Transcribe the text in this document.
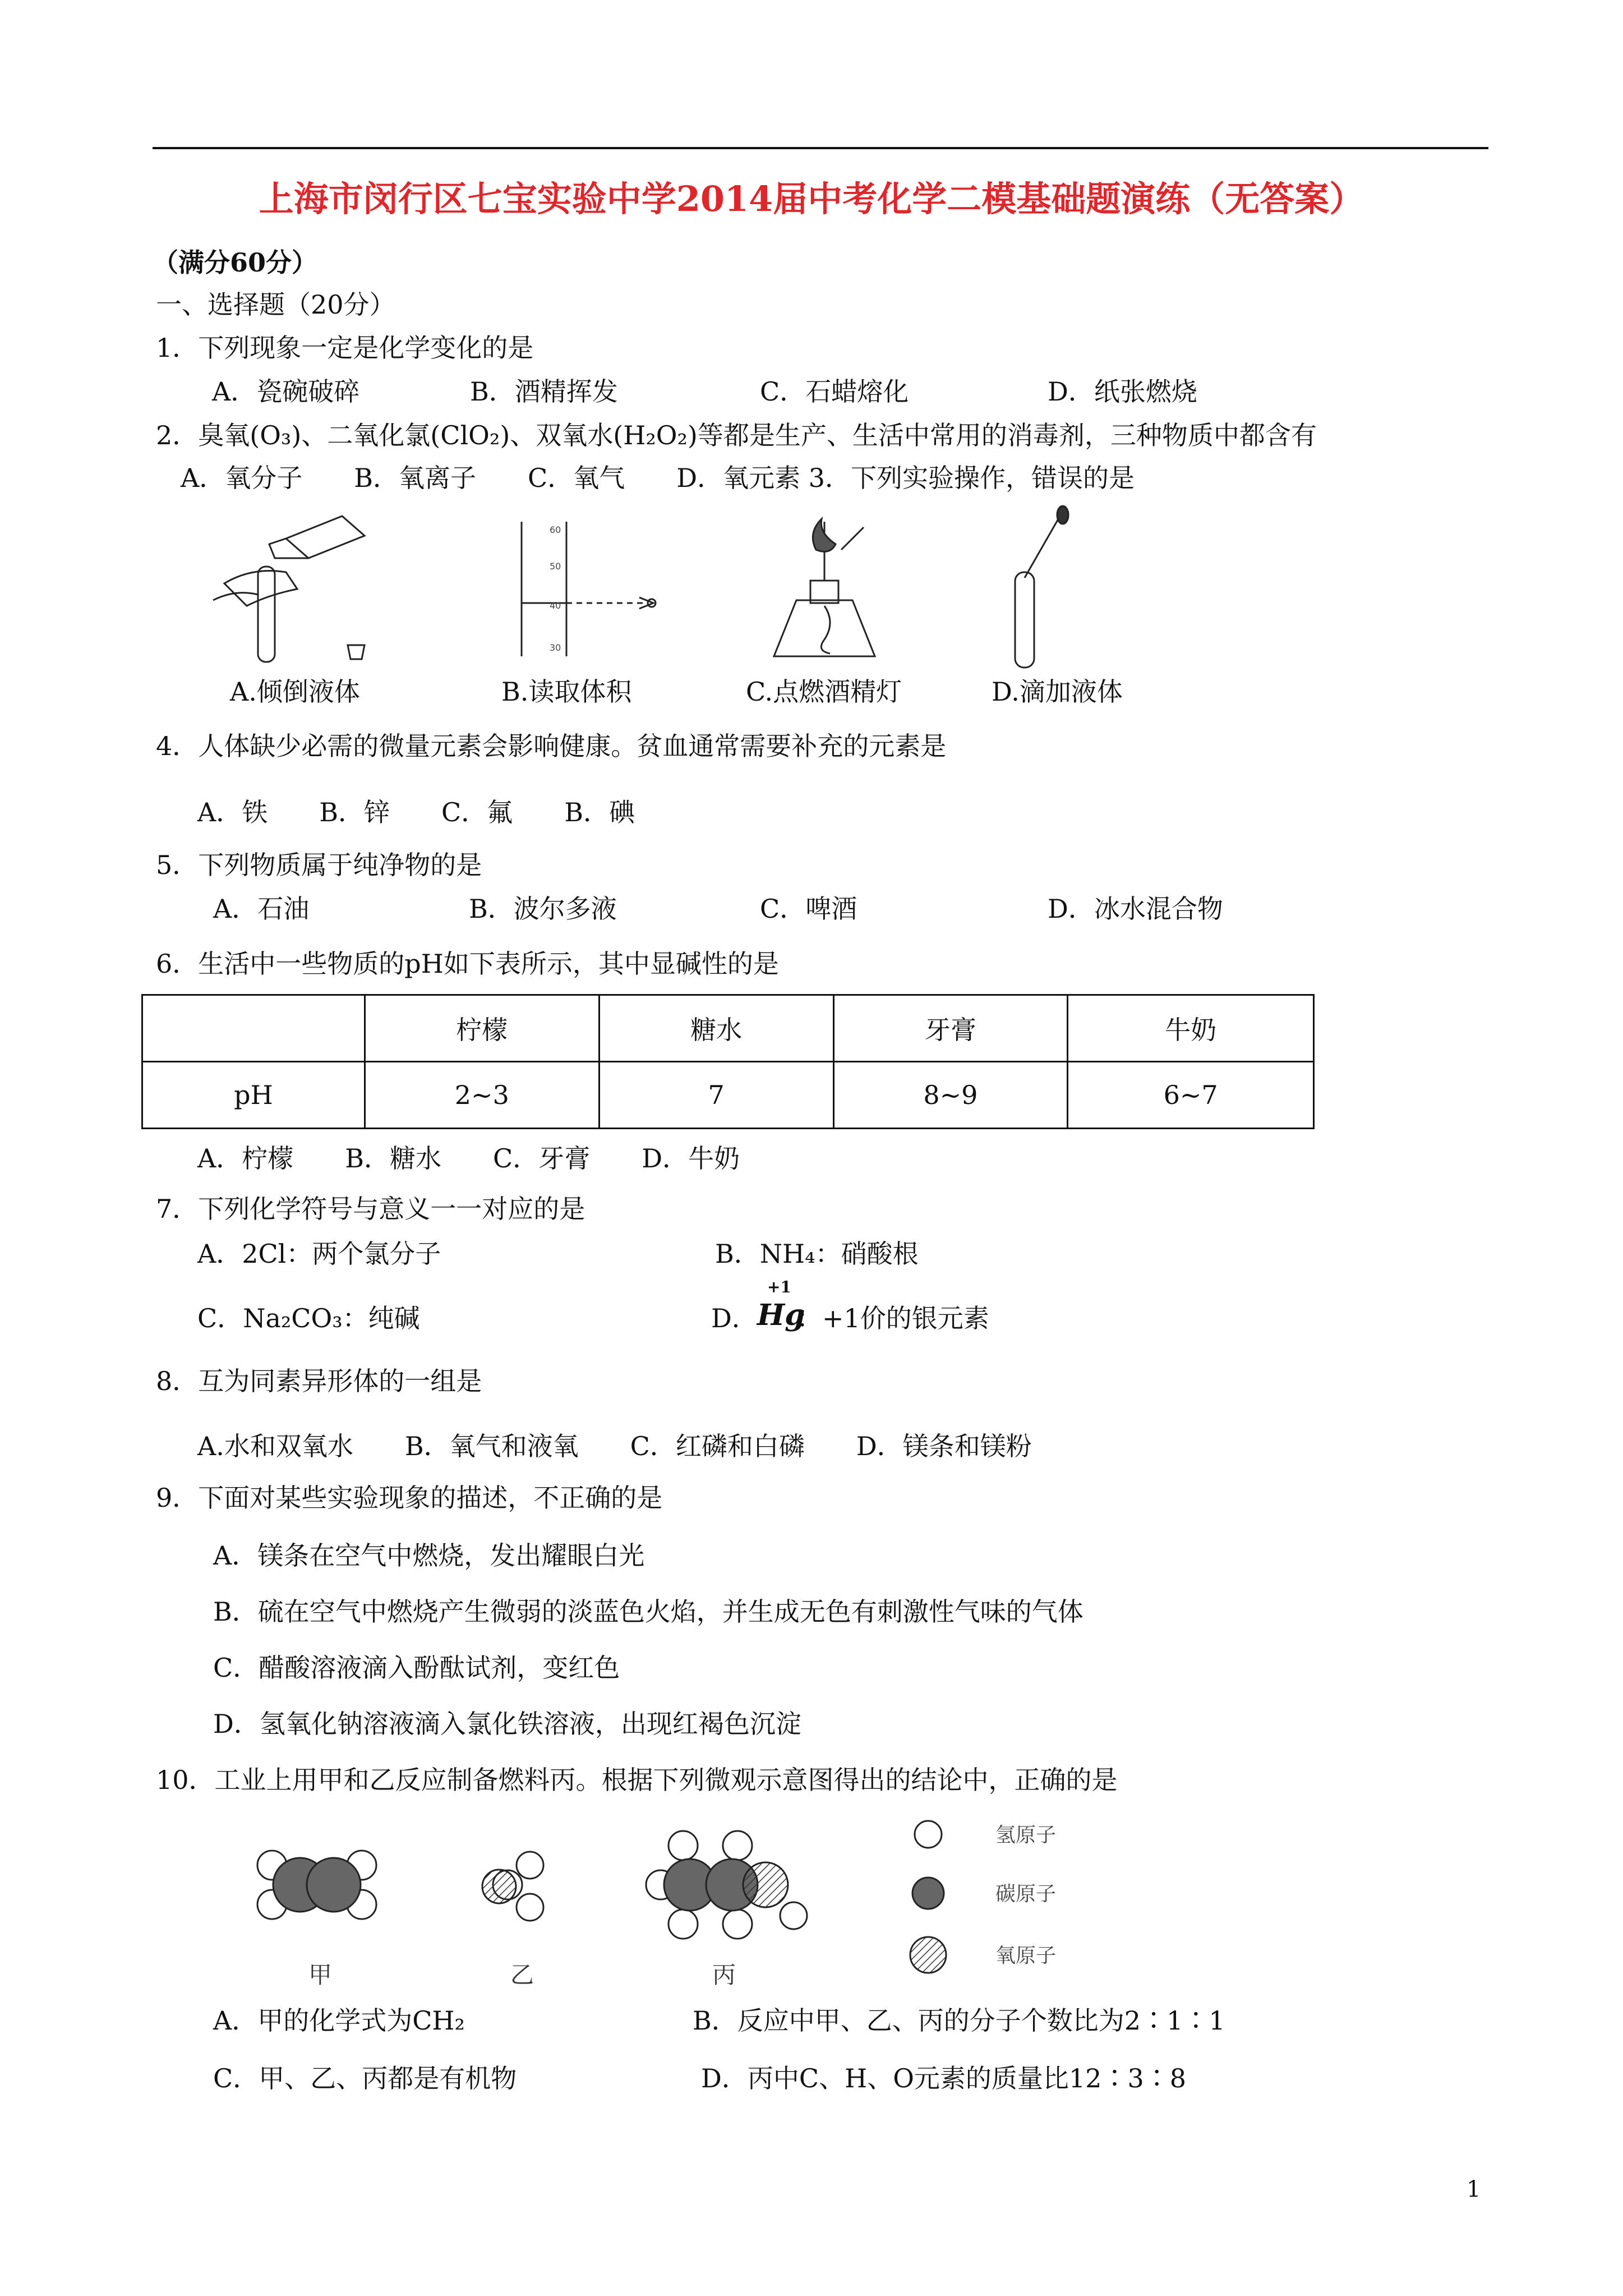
上海市闵行区七宝实验中学2014届中考化学二模基础题演练（无答案）
（满分60分）
一、选择题（20分）
1．下列现象一定是化学变化的是
A．瓷碗破碎	B．酒精挥发	C．石蜡熔化	D．纸张燃烧
2．臭氧(O₃)、二氧化氯(ClO₂)、双氧水(H₂O₂)等都是生产、生活中常用的消毒剂，三种物质中都含有
A．氧分子　　B．氧离子　　C．氧气　　D．氧元素 3．下列实验操作，错误的是
60
50
40
30
A.倾倒液体	B.读取体积	C.点燃酒精灯	D.滴加液体
4．人体缺少必需的微量元素会影响健康。贫血通常需要补充的元素是
A．铁　　B．锌　　C．氟　　B．碘
5．下列物质属于纯净物的是
A．石油	B．波尔多液	C．啤酒	D．冰水混合物
6．生活中一些物质的pH如下表所示，其中显碱性的是
	柠檬	糖水	牙膏	牛奶
pH	2~3	7	8~9	6~7
A．柠檬　　B．糖水　　C．牙膏　　D．牛奶
7．下列化学符号与意义一一对应的是
A．2Cl：两个氯分子	B．NH₄：硝酸根
C．Na₂CO₃：纯碱	D．
+1
Hg
：+1价的银元素
8．互为同素异形体的一组是
A.水和双氧水　　B．氧气和液氧　　C．红磷和白磷　　D．镁条和镁粉
9．下面对某些实验现象的描述，不正确的是
A．镁条在空气中燃烧，发出耀眼白光
B．硫在空气中燃烧产生微弱的淡蓝色火焰，并生成无色有刺激性气味的气体
C．醋酸溶液滴入酚酞试剂，变红色
D．氢氧化钠溶液滴入氯化铁溶液，出现红褐色沉淀
10．工业上用甲和乙反应制备燃料丙。根据下列微观示意图得出的结论中，正确的是
甲	乙	丙
氢原子
碳原子
氧原子
A．甲的化学式为CH₂	B．反应中甲、乙、丙的分子个数比为2∶1∶1
C．甲、乙、丙都是有机物	D．丙中C、H、O元素的质量比12∶3∶8
1
